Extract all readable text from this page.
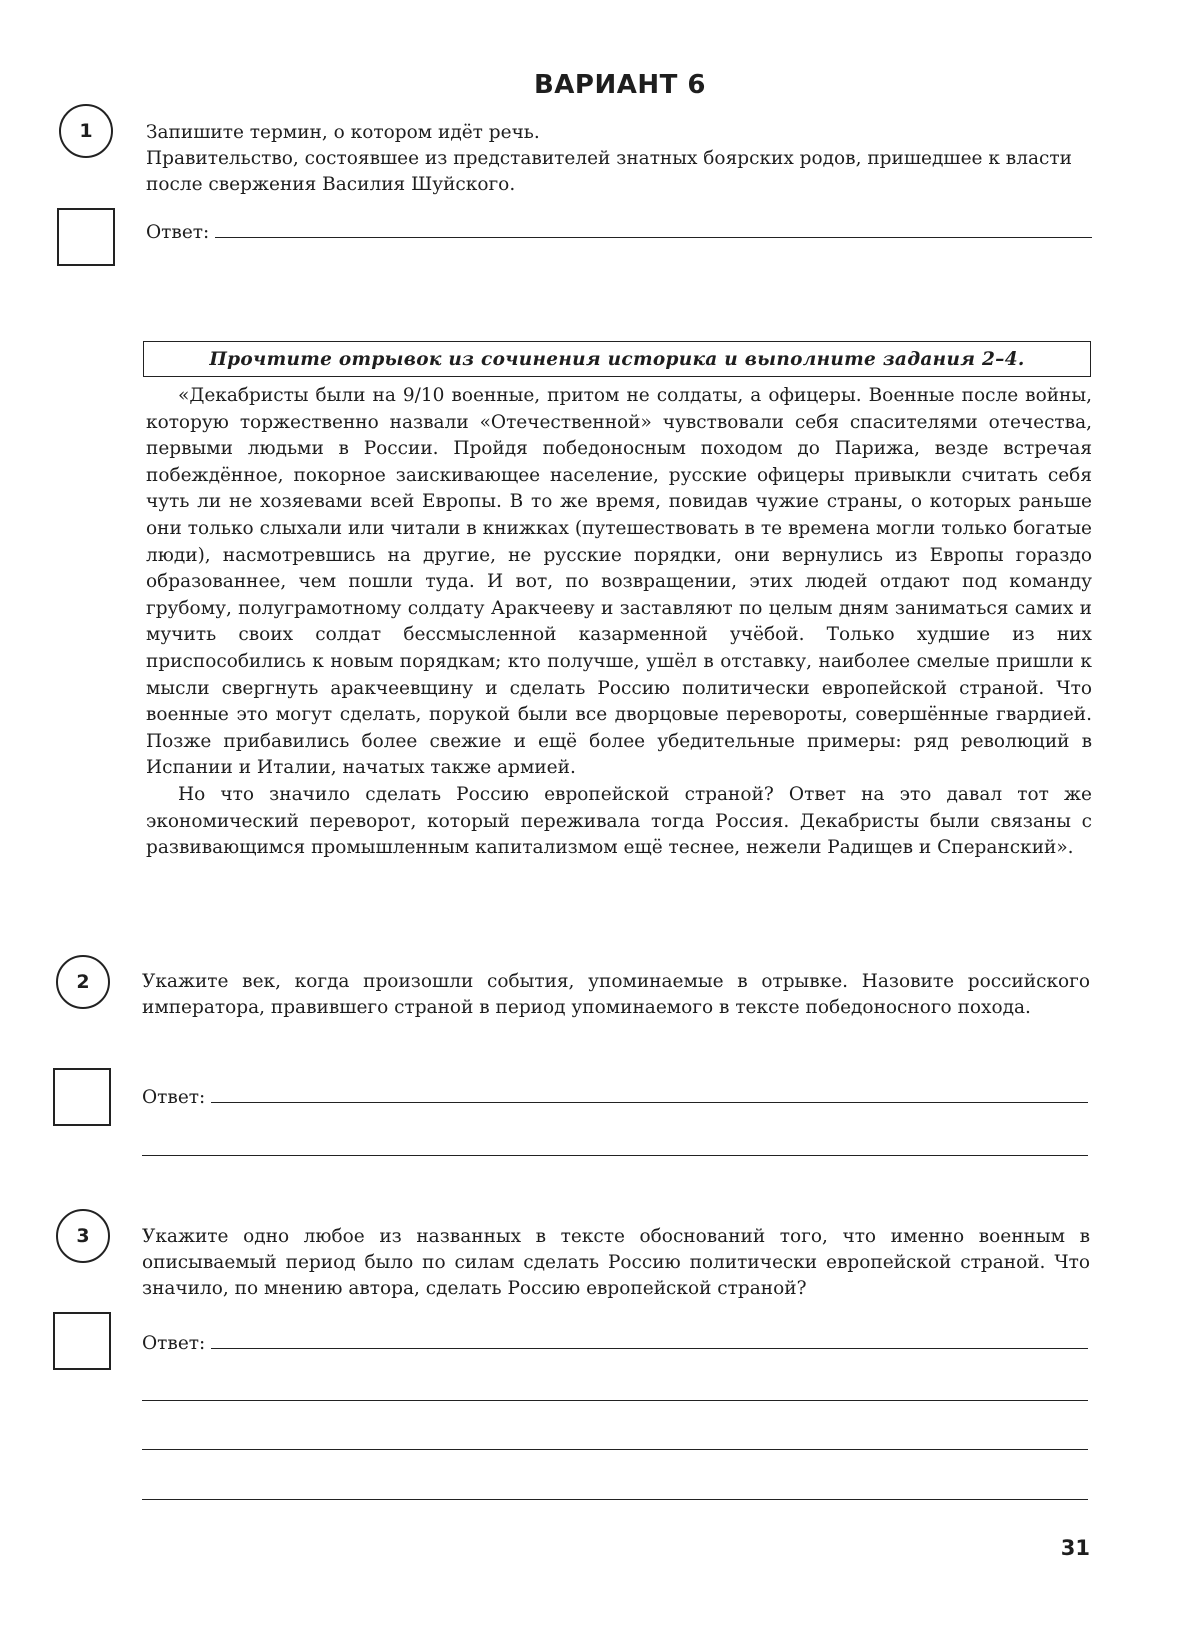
ВАРИАНТ 6
1	Запишите термин, о котором идёт речь.
Правительство, состоявшее из представителей знатных боярских родов, пришедшее к власти после свержения Василия Шуйского.
Ответ:
Прочтите отрывок из сочинения историка и выполните задания 2–4.

«Декабристы были на 9/10 военные, притом не солдаты, а офицеры. Военные после войны, которую торжественно назвали «Отечественной» чувствовали себя спасителями отечества, первыми людьми в России. Пройдя победоносным походом до Парижа, везде встречая побеждённое, покорное заискивающее население, русские офицеры привыкли считать себя чуть ли не хозяевами всей Европы. В то же время, повидав чужие страны, о которых раньше они только слыхали или читали в книжках (путешествовать в те времена могли только богатые люди), насмотревшись на другие, не русские порядки, они вернулись из Европы гораздо образованнее, чем пошли туда. И вот, по возвращении, этих людей отдают под команду грубому, полуграмотному солдату Аракчееву и заставляют по целым дням заниматься самих и мучить своих солдат бессмысленной казарменной учёбой. Только худшие из них приспособились к новым порядкам; кто получше, ушёл в отставку, наиболее смелые пришли к мысли свергнуть аракчеевщину и сделать Россию политически европейской страной. Что военные это могут сделать, порукой были все дворцовые перевороты, совершённые гвардией. Позже прибавились более свежие и ещё более убедительные примеры: ряд революций в Испании и Италии, начатых также армией.

Но что значило сделать Россию европейской страной? Ответ на это давал тот же экономический переворот, который переживала тогда Россия. Декабристы были связаны с развивающимся промышленным капитализмом ещё теснее, нежели Радищев и Сперанский».

2	Укажите век, когда произошли события, упоминаемые в отрывке. Назовите российского императора, правившего страной в период упоминаемого в тексте победоносного похода.
Ответ:
3	Укажите одно любое из названных в тексте обоснований того, что именно военным в описываемый период было по силам сделать Россию политически европейской страной. Что значило, по мнению автора, сделать Россию европейской страной?
Ответ:
31
